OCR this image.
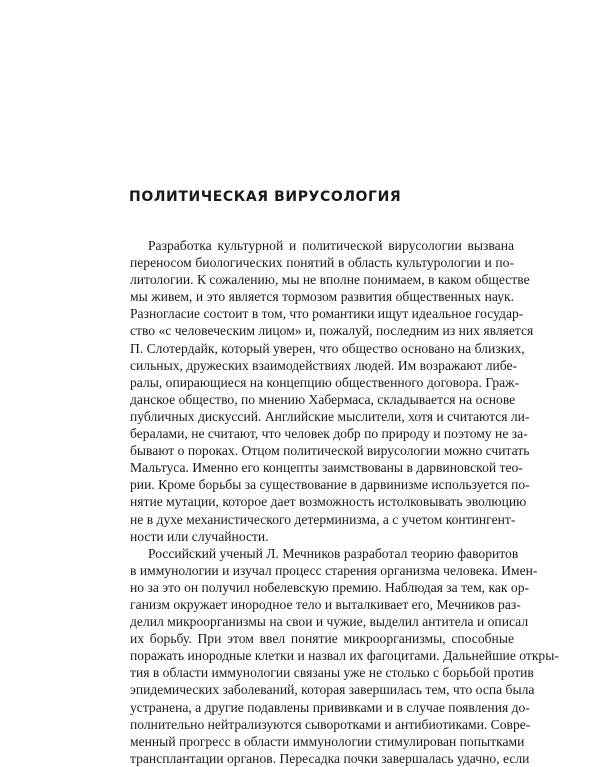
ПОЛИТИЧЕСКАЯ ВИРУСОЛОГИЯ
Разработка культурной и политической вирусологии вызвана
переносом биологических понятий в область культурологии и по-
литологии. К сожалению, мы не вполне понимаем, в каком обществе
мы живем, и это является тормозом развития общественных наук.
Разногласие состоит в том, что романтики ищут идеальное государ-
ство «с человеческим лицом» и, пожалуй, последним из них является
П. Слотердайк, который уверен, что общество основано на близких,
сильных, дружеских взаимодействиях людей. Им возражают либе-
ралы, опирающиеся на концепцию общественного договора. Граж-
данское общество, по мнению Хабермаса, складывается на основе
публичных дискуссий. Английские мыслители, хотя и считаются ли-
бералами, не считают, что человек добр по природу и поэтому не за-
бывают о пороках. Отцом политической вирусологии можно считать
Мальтуса. Именно его концепты заимствованы в дарвиновской тео-
рии. Кроме борьбы за существование в дарвинизме используется по-
нятие мутации, которое дает возможность истолковывать эволюцию
не в духе механистического детерминизма, а с учетом контингент-
ности или случайности.
Российский ученый Л. Мечников разработал теорию фаворитов
в иммунологии и изучал процесс старения организма человека. Имен-
но за это он получил нобелевскую премию. Наблюдая за тем, как ор-
ганизм окружает инородное тело и выталкивает его, Мечников раз-
делил микроорганизмы на свои и чужие, выделил антитела и описал
их борьбу. При этом ввел понятие микроорганизмы, способные
поражать инородные клетки и назвал их фагоцитами. Дальнейшие откры-
тия в области иммунологии связаны уже не столько с борьбой против
эпидемических заболеваний, которая завершилась тем, что оспа была
устранена, а другие подавлены прививками и в случае появления до-
полнительно нейтрализуются сыворотками и антибиотиками. Совре-
менный прогресс в области иммунологии стимулирован попытками
трансплантации органов. Пересадка почки завершалась удачно, если
